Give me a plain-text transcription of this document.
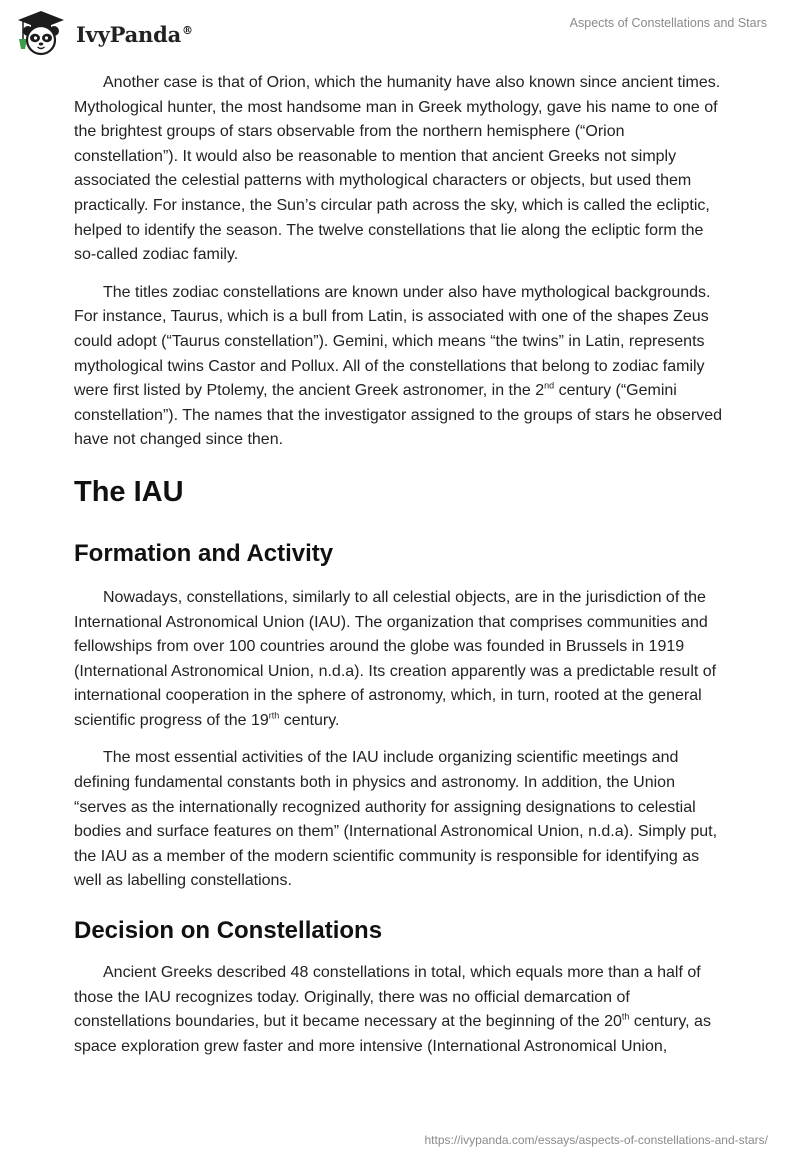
IvyPanda®	Aspects of Constellations and Stars

Another case is that of Orion, which the humanity have also known since ancient times. Mythological hunter, the most handsome man in Greek mythology, gave his name to one of the brightest groups of stars observable from the northern hemisphere (“Orion constellation”). It would also be reasonable to mention that ancient Greeks not simply associated the celestial patterns with mythological characters or objects, but used them practically. For instance, the Sun’s circular path across the sky, which is called the ecliptic, helped to identify the season. The twelve constellations that lie along the ecliptic form the so-called zodiac family.

The titles zodiac constellations are known under also have mythological backgrounds. For instance, Taurus, which is a bull from Latin, is associated with one of the shapes Zeus could adopt (“Taurus constellation”). Gemini, which means “the twins” in Latin, represents mythological twins Castor and Pollux. All of the constellations that belong to zodiac family were first listed by Ptolemy, the ancient Greek astronomer, in the 2nd century (“Gemini constellation”). The names that the investigator assigned to the groups of stars he observed have not changed since then.

The IAU
Formation and Activity

Nowadays, constellations, similarly to all celestial objects, are in the jurisdiction of the International Astronomical Union (IAU). The organization that comprises communities and fellowships from over 100 countries around the globe was founded in Brussels in 1919 (International Astronomical Union, n.d.a). Its creation apparently was a predictable result of international cooperation in the sphere of astronomy, which, in turn, rooted at the general scientific progress of the $19^{rth}$ century.

The most essential activities of the IAU include organizing scientific meetings and defining fundamental constants both in physics and astronomy. In addition, the Union “serves as the internationally recognized authority for assigning designations to celestial bodies and surface features on them” (International Astronomical Union, n.d.a). Simply put, the IAU as a member of the modern scientific community is responsible for identifying as well as labelling constellations.

Decision on Constellations

Ancient Greeks described 48 constellations in total, which equals more than a half of those the IAU recognizes today. Originally, there was no official demarcation of constellations boundaries, but it became necessary at the beginning of the 20th century, as space exploration grew faster and more intensive (International Astronomical Union,

https://ivypanda.com/essays/aspects-of-constellations-and-stars/
